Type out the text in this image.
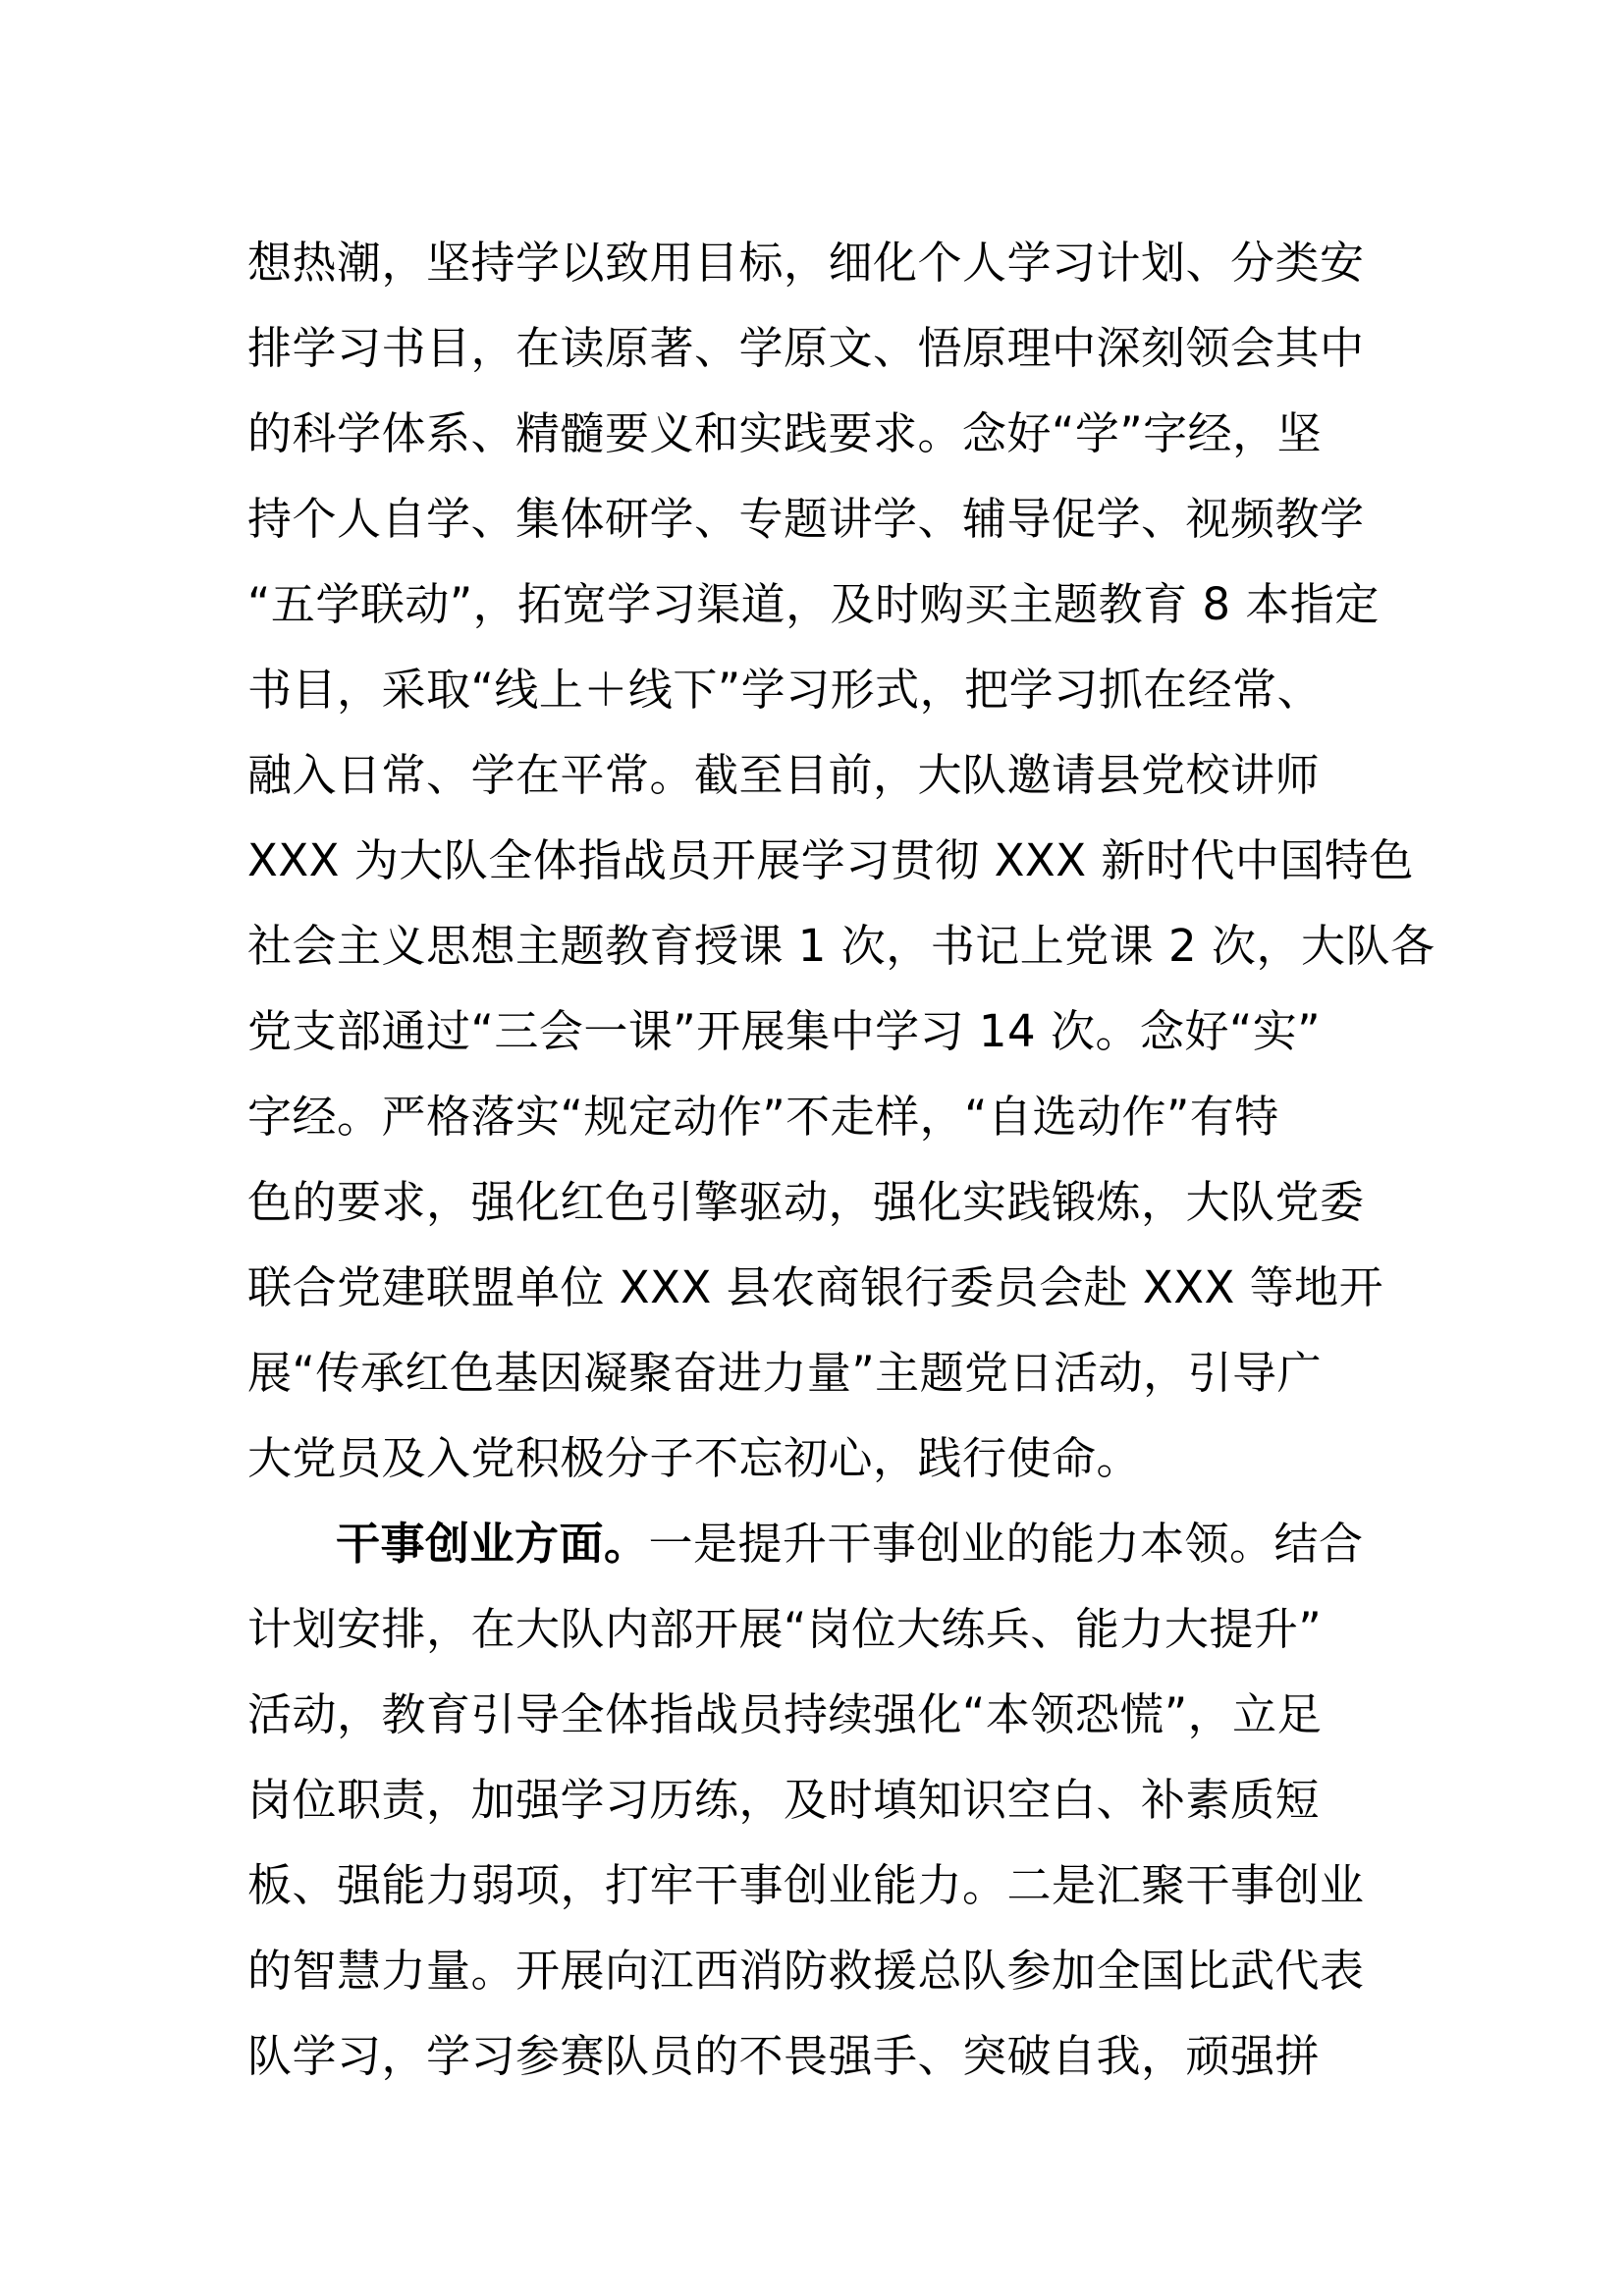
想热潮，坚持学以致用目标，细化个人学习计划、分类安
排学习书目，在读原著、学原文、悟原理中深刻领会其中
的科学体系、精髓要义和实践要求。念好“学”字经，坚
持个人自学、集体研学、专题讲学、辅导促学、视频教学
“五学联动”，拓宽学习渠道，及时购买主题教育 8 本指定
书目，采取“线上＋线下”学习形式，把学习抓在经常、
融入日常、学在平常。截至目前，大队邀请县党校讲师
XXX 为大队全体指战员开展学习贯彻 XXX 新时代中国特色
社会主义思想主题教育授课 1 次，书记上党课 2 次，大队各
党支部通过“三会一课”开展集中学习 14 次。念好“实”
字经。严格落实“规定动作”不走样，“自选动作”有特
色的要求，强化红色引擎驱动，强化实践锻炼，大队党委
联合党建联盟单位 XXX 县农商银行委员会赴 XXX 等地开
展“传承红色基因凝聚奋进力量”主题党日活动，引导广
大党员及入党积极分子不忘初心，践行使命。
干事创业方面。一是提升干事创业的能力本领。结合
计划安排，在大队内部开展“岗位大练兵、能力大提升”
活动，教育引导全体指战员持续强化“本领恐慌”，立足
岗位职责，加强学习历练，及时填知识空白、补素质短
板、强能力弱项，打牢干事创业能力。二是汇聚干事创业
的智慧力量。开展向江西消防救援总队参加全国比武代表
队学习，学习参赛队员的不畏强手、突破自我，顽强拼
